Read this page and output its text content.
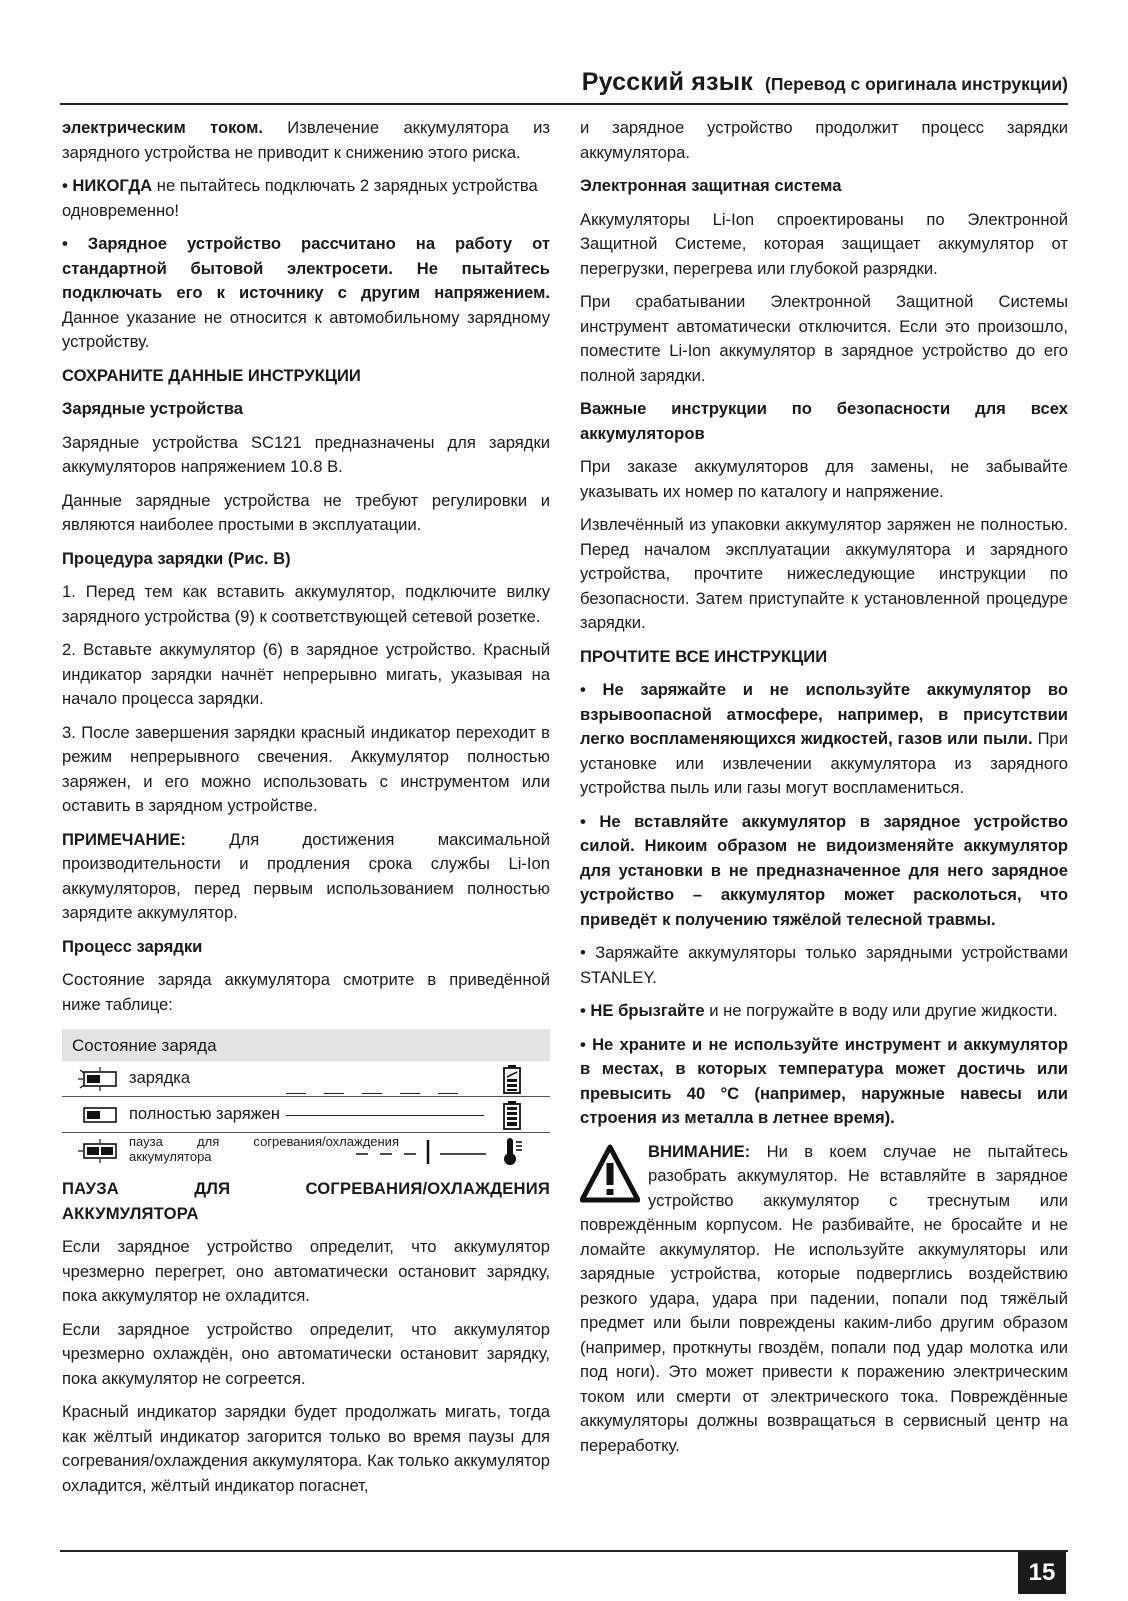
Русский язык (Перевод с оригинала инструкции)

электрическим током. Извлечение аккумулятора из зарядного устройства не приводит к снижению этого риска.

• НИКОГДА не пытайтесь подключать 2 зарядных устройства одновременно!

• Зарядное устройство рассчитано на работу от стандартной бытовой электросети. Не пытайтесь подключать его к источнику с другим напряжением. Данное указание не относится к автомобильному зарядному устройству.

СОХРАНИТЕ ДАННЫЕ ИНСТРУКЦИИ
Зарядные устройства

Зарядные устройства SC121 предназначены для зарядки аккумуляторов напряжением 10.8 В.

Данные зарядные устройства не требуют регулировки и являются наиболее простыми в эксплуатации.

Процедура зарядки (Рис. B)

1. Перед тем как вставить аккумулятор, подключите вилку зарядного устройства (9) к соответствующей сетевой розетке.

2. Вставьте аккумулятор (6) в зарядное устройство. Красный индикатор зарядки начнёт непрерывно мигать, указывая на начало процесса зарядки.

3. После завершения зарядки красный индикатор переходит в режим непрерывного свечения. Аккумулятор полностью заряжен, и его можно использовать с инструментом или оставить в зарядном устройстве.

ПРИМЕЧАНИЕ: Для достижения максимальной производительности и продления срока службы Li-Ion аккумуляторов, перед первым использованием полностью зарядите аккумулятор.

Процесс зарядки

Состояние заряда аккумулятора смотрите в приведённой ниже таблице:

Состояние заряда
зарядка
полностью заряжен
пауза для согревания/охлаждения аккумулятора
ПАУЗА ДЛЯ СОГРЕВАНИЯ/ОХЛАЖДЕНИЯ АККУМУЛЯТОРА

Если зарядное устройство определит, что аккумулятор чрезмерно перегрет, оно автоматически остановит зарядку, пока аккумулятор не охладится.

Если зарядное устройство определит, что аккумулятор чрезмерно охлаждён, оно автоматически остановит зарядку, пока аккумулятор не согреется.

Красный индикатор зарядки будет продолжать мигать, тогда как жёлтый индикатор загорится только во время паузы для согревания/охлаждения аккумулятора. Как только аккумулятор охладится, жёлтый индикатор погаснет,

и зарядное устройство продолжит процесс зарядки аккумулятора.

Электронная защитная система

Аккумуляторы Li-Ion спроектированы по Электронной Защитной Системе, которая защищает аккумулятор от перегрузки, перегрева или глубокой разрядки.

При срабатывании Электронной Защитной Системы инструмент автоматически отключится. Если это произошло, поместите Li-Ion аккумулятор в зарядное устройство до его полной зарядки.

Важные инструкции по безопасности для всех аккумуляторов

При заказе аккумуляторов для замены, не забывайте указывать их номер по каталогу и напряжение.

Извлечённый из упаковки аккумулятор заряжен не полностью. Перед началом эксплуатации аккумулятора и зарядного устройства, прочтите нижеследующие инструкции по безопасности. Затем приступайте к установленной процедуре зарядки.

ПРОЧТИТЕ ВСЕ ИНСТРУКЦИИ

• Не заряжайте и не используйте аккумулятор во взрывоопасной атмосфере, например, в присутствии легко воспламеняющихся жидкостей, газов или пыли. При установке или извлечении аккумулятора из зарядного устройства пыль или газы могут воспламениться.

• Не вставляйте аккумулятор в зарядное устройство силой. Никоим образом не видоизменяйте аккумулятор для установки в не предназначенное для него зарядное устройство – аккумулятор может расколоться, что приведёт к получению тяжёлой телесной травмы.

• Заряжайте аккумуляторы только зарядными устройствами STANLEY.

• НЕ брызгайте и не погружайте в воду или другие жидкости.

• Не храните и не используйте инструмент и аккумулятор в местах, в которых температура может достичь или превысить 40 °C (например, наружные навесы или строения из металла в летнее время).

ВНИМАНИЕ: Ни в коем случае не пытайтесь разобрать аккумулятор. Не вставляйте в зарядное устройство аккумулятор с треснутым или повреждённым корпусом. Не разбивайте, не бросайте и не ломайте аккумулятор. Не используйте аккумуляторы или зарядные устройства, которые подверглись воздействию резкого удара, удара при падении, попали под тяжёлый предмет или были повреждены каким-либо другим образом (например, проткнуты гвоздём, попали под удар молотка или под ноги). Это может привести к поражению электрическим током или смерти от электрического тока. Повреждённые аккумуляторы должны возвращаться в сервисный центр на переработку.

15
